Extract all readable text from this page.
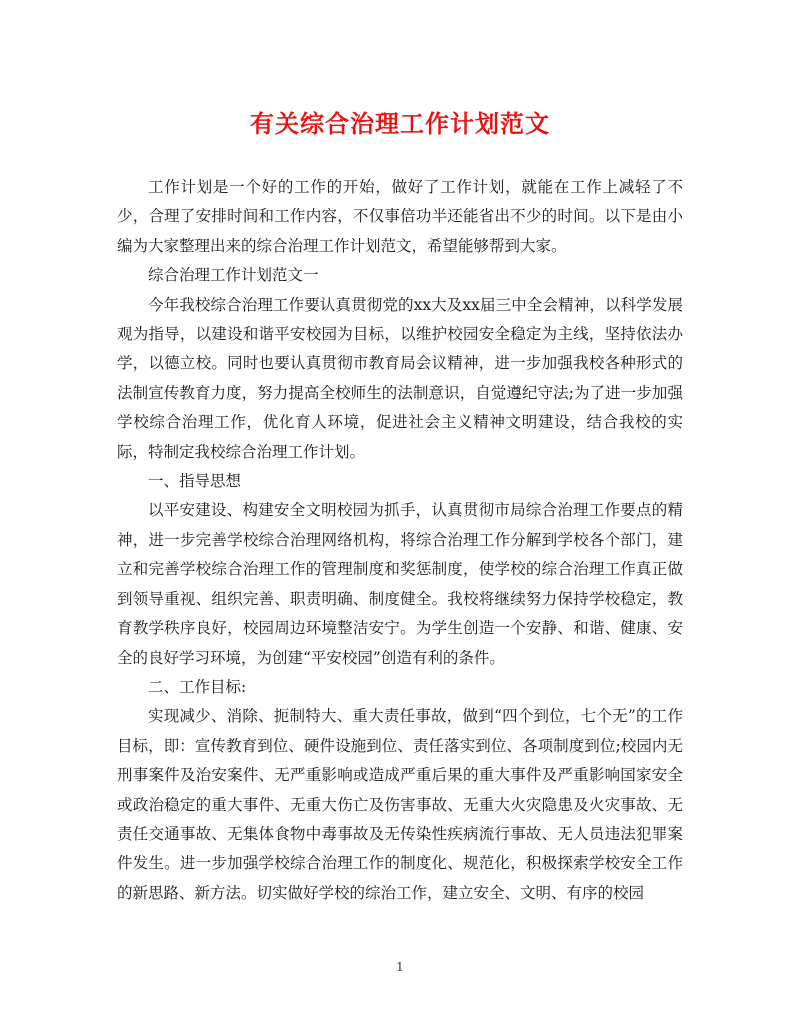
有关综合治理工作计划范文

工作计划是一个好的工作的开始，做好了工作计划，就能在工作上减轻了不少，合理了安排时间和工作内容，不仅事倍功半还能省出不少的时间。以下是由小编为大家整理出来的综合治理工作计划范文，希望能够帮到大家。

综合治理工作计划范文一

今年我校综合治理工作要认真贯彻党的xx大及xx届三中全会精神，以科学发展观为指导，以建设和谐平安校园为目标，以维护校园安全稳定为主线，坚持依法办学，以德立校。同时也要认真贯彻市教育局会议精神，进一步加强我校各种形式的法制宣传教育力度，努力提高全校师生的法制意识，自觉遵纪守法;为了进一步加强学校综合治理工作，优化育人环境，促进社会主义精神文明建设，结合我校的实际，特制定我校综合治理工作计划。

一、指导思想

以平安建设、构建安全文明校园为抓手，认真贯彻市局综合治理工作要点的精神，进一步完善学校综合治理网络机构，将综合治理工作分解到学校各个部门，建立和完善学校综合治理工作的管理制度和奖惩制度，使学校的综合治理工作真正做到领导重视、组织完善、职责明确、制度健全。我校将继续努力保持学校稳定，教育教学秩序良好，校园周边环境整洁安宁。为学生创造一个安静、和谐、健康、安全的良好学习环境，为创建“平安校园”创造有利的条件。

二、工作目标:

实现减少、消除、扼制特大、重大责任事故，做到“四个到位，七个无”的工作目标，即：宣传教育到位、硬件设施到位、责任落实到位、各项制度到位;校园内无刑事案件及治安案件、无严重影响或造成严重后果的重大事件及严重影响国家安全或政治稳定的重大事件、无重大伤亡及伤害事故、无重大火灾隐患及火灾事故、无责任交通事故、无集体食物中毒事故及无传染性疾病流行事故、无人员违法犯罪案件发生。进一步加强学校综合治理工作的制度化、规范化，积极探索学校安全工作的新思路、新方法。切实做好学校的综治工作，建立安全、文明、有序的校园

1
